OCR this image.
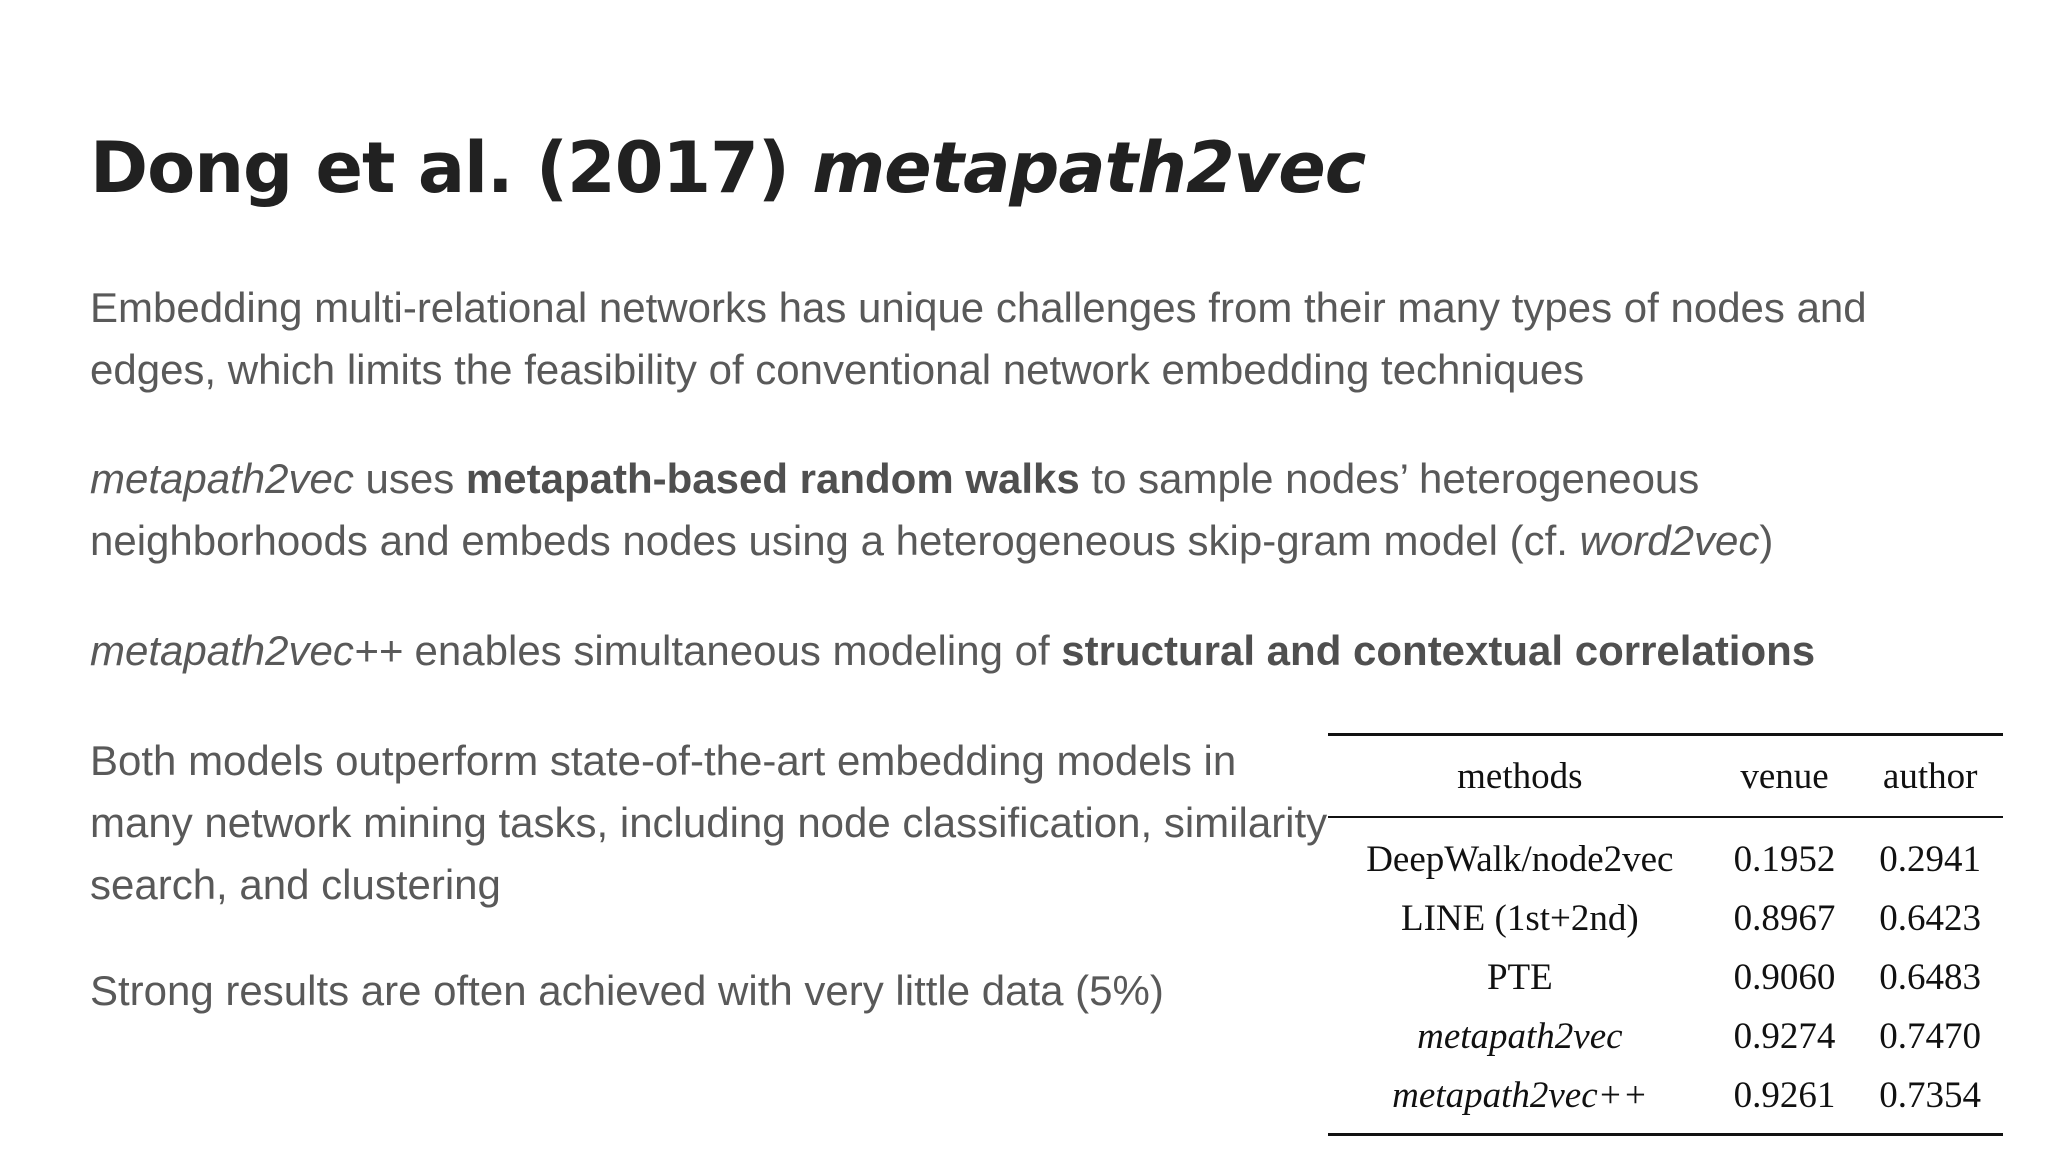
Dong et al. (2017) metapath2vec

Embedding multi-relational networks has unique challenges from their many types of nodes and edges, which limits the feasibility of conventional network embedding techniques

metapath2vec uses metapath-based random walks to sample nodes’ heterogeneous neighborhoods and embeds nodes using a heterogeneous skip-gram model (cf. word2vec)

metapath2vec++ enables simultaneous modeling of structural and contextual correlations

Both models outperform state-of-the-art embedding models in many network mining tasks, including node classification, similarity search, and clustering

Strong results are often achieved with very little data (5%)

methods	venue	author
DeepWalk/node2vec	0.1952	0.2941
LINE (1st+2nd)	0.8967	0.6423
PTE	0.9060	0.6483
metapath2vec	0.9274	0.7470
metapath2vec++	0.9261	0.7354
